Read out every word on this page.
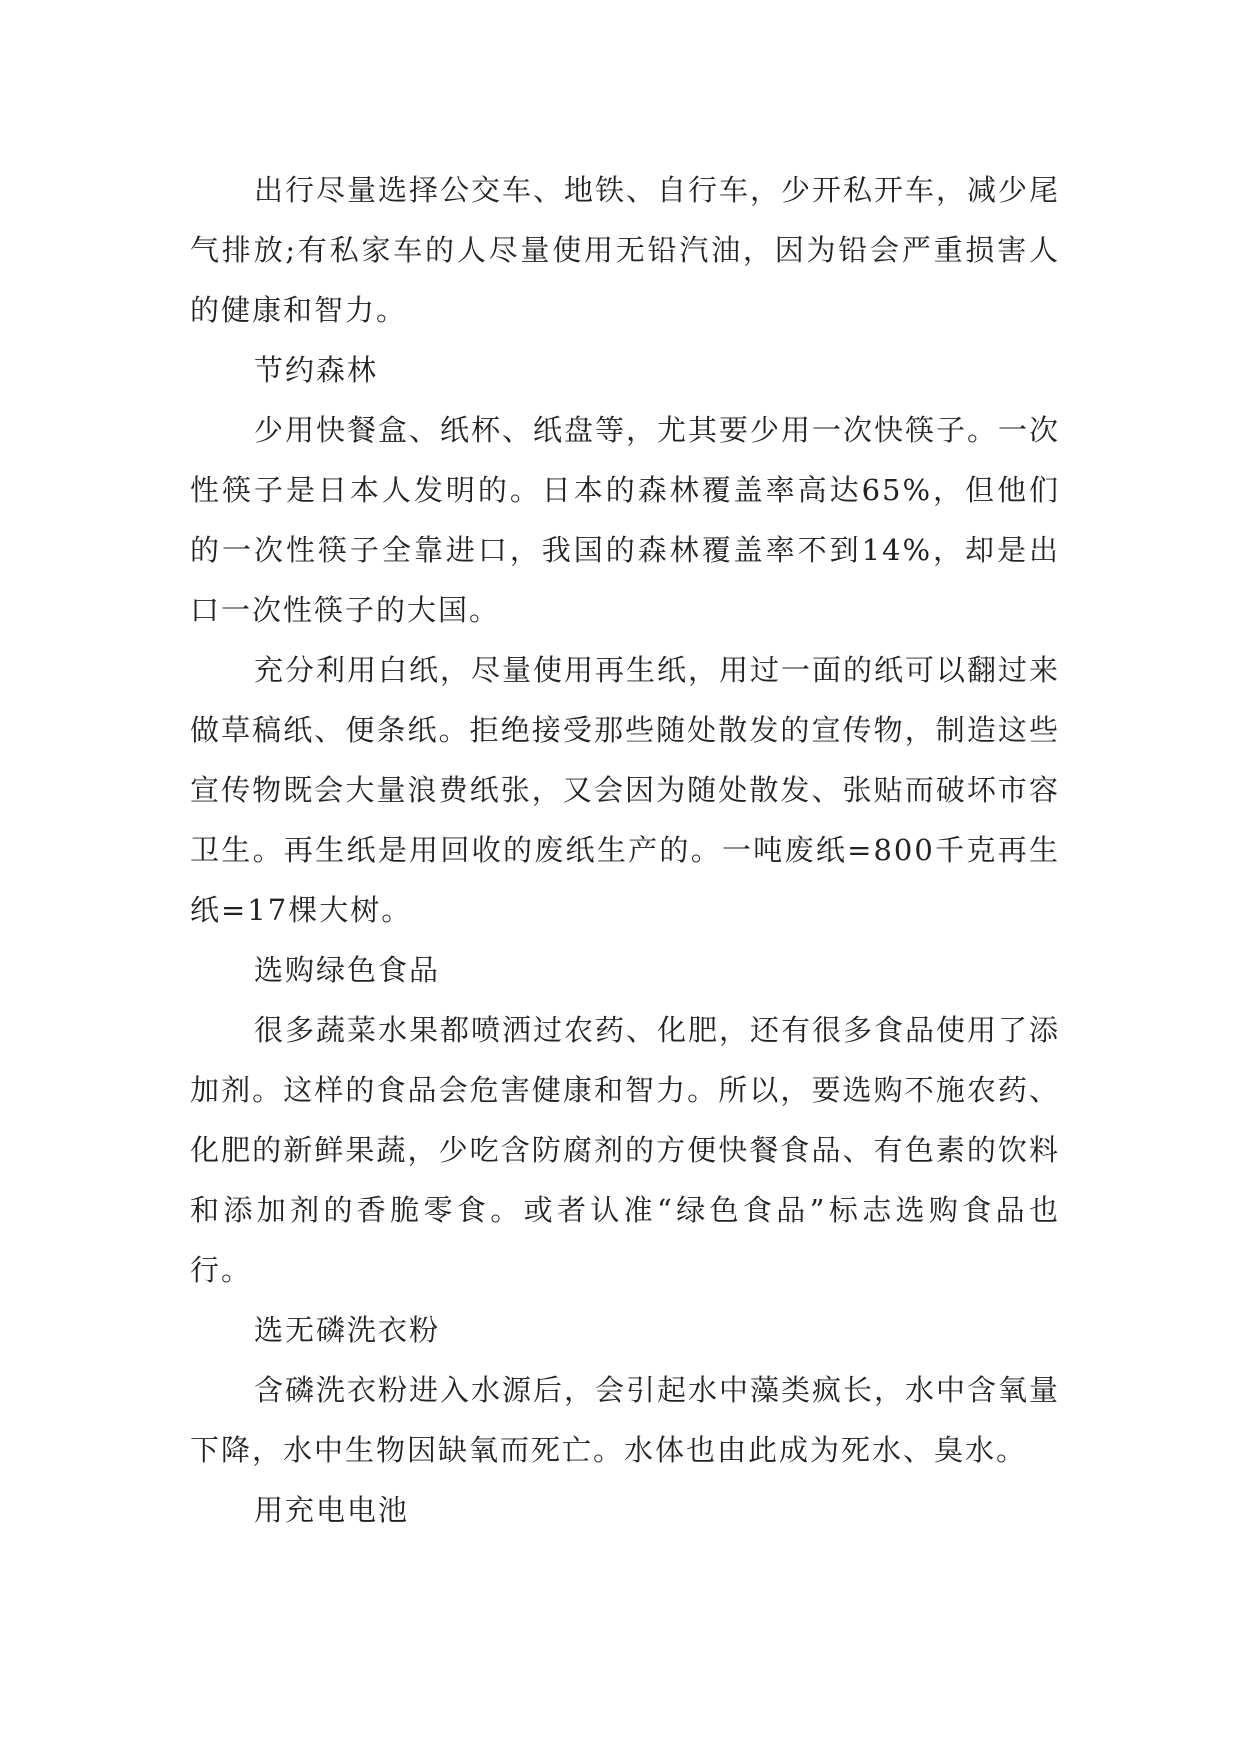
出行尽量选择公交车、地铁、自行车，少开私开车，减少尾气排放;有私家车的人尽量使用无铅汽油，因为铅会严重损害人的健康和智力。

节约森林

少用快餐盒、纸杯、纸盘等，尤其要少用一次快筷子。一次性筷子是日本人发明的。日本的森林覆盖率高达65%，但他们的一次性筷子全靠进口，我国的森林覆盖率不到14%，却是出口一次性筷子的大国。

充分利用白纸，尽量使用再生纸，用过一面的纸可以翻过来做草稿纸、便条纸。拒绝接受那些随处散发的宣传物，制造这些宣传物既会大量浪费纸张，又会因为随处散发、张贴而破坏市容卫生。再生纸是用回收的废纸生产的。一吨废纸=800千克再生纸=17棵大树。

选购绿色食品

很多蔬菜水果都喷洒过农药、化肥，还有很多食品使用了添加剂。这样的食品会危害健康和智力。所以，要选购不施农药、化肥的新鲜果蔬，少吃含防腐剂的方便快餐食品、有色素的饮料和添加剂的香脆零食。或者认准“绿色食品”标志选购食品也行。

选无磷洗衣粉

含磷洗衣粉进入水源后，会引起水中藻类疯长，水中含氧量下降，水中生物因缺氧而死亡。水体也由此成为死水、臭水。

用充电电池
